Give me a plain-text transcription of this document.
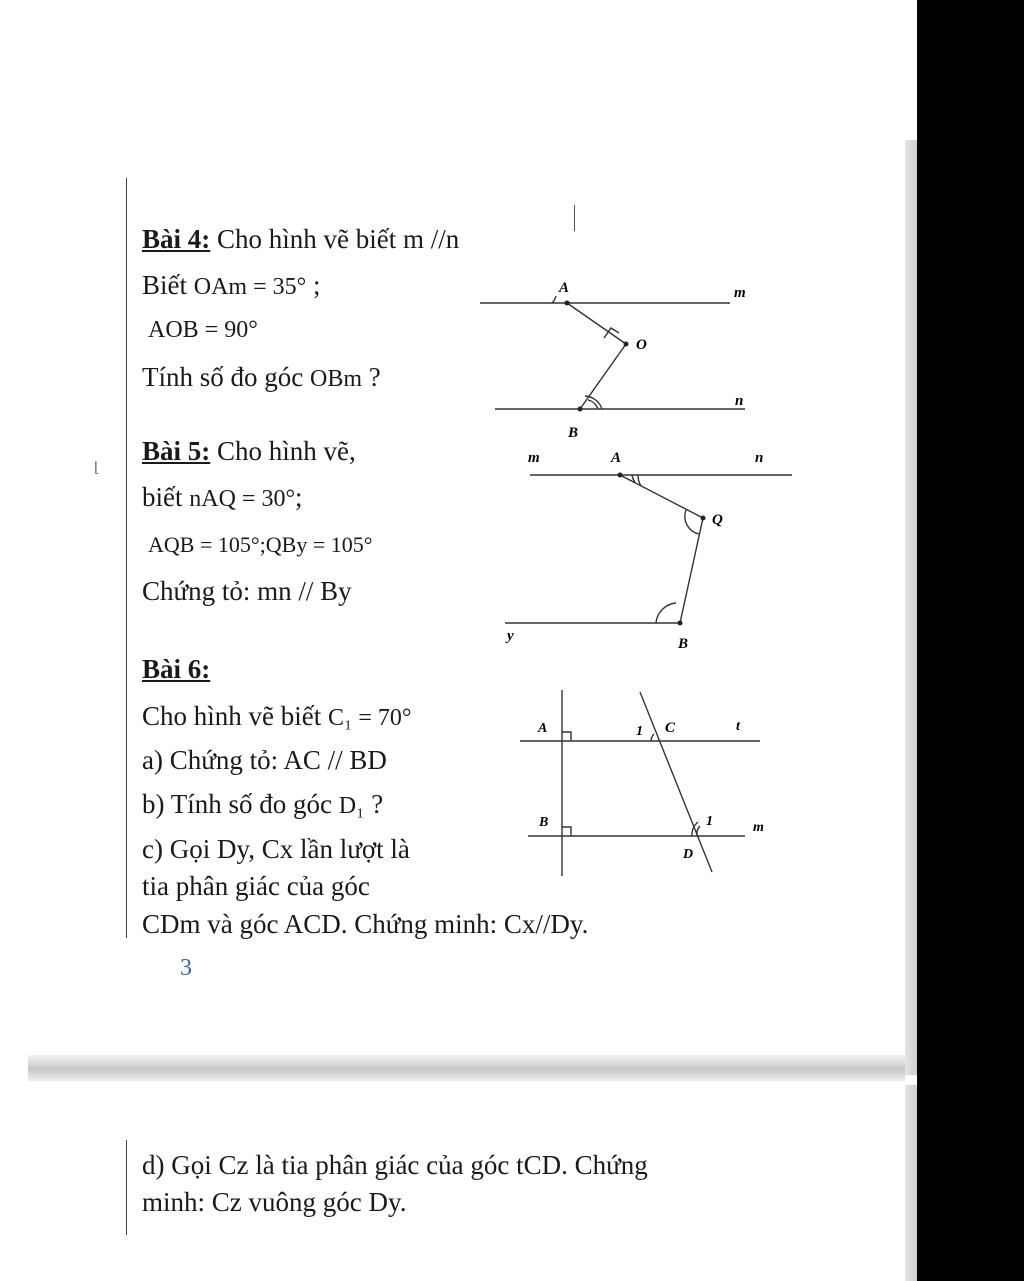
⌊
Bài 4: Cho hình vẽ biết m //n
Biết OAm = 35° ;
AOB = 90°
Tính số đo góc OBm ?
Bài 5: Cho hình vẽ,
biết nAQ = 30°;
AQB = 105°;QBy = 105°
Chứng tỏ: mn // By
Bài 6:
Cho hình vẽ biết C₁ = 70°
a) Chứng tỏ: AC // BD
b) Tính số đo góc D₁ ?
c) Gọi Dy, Cx lần lượt là
tia phân giác của góc
CDm và góc ACD. Chứng minh: Cx//Dy.
3
d) Gọi Cz là tia phân giác của góc tCD. Chứng
minh: Cz vuông góc Dy.
A	m
O
n
B
m	A	n
Q
y	B
A	1 C	t
B	1	m
D
